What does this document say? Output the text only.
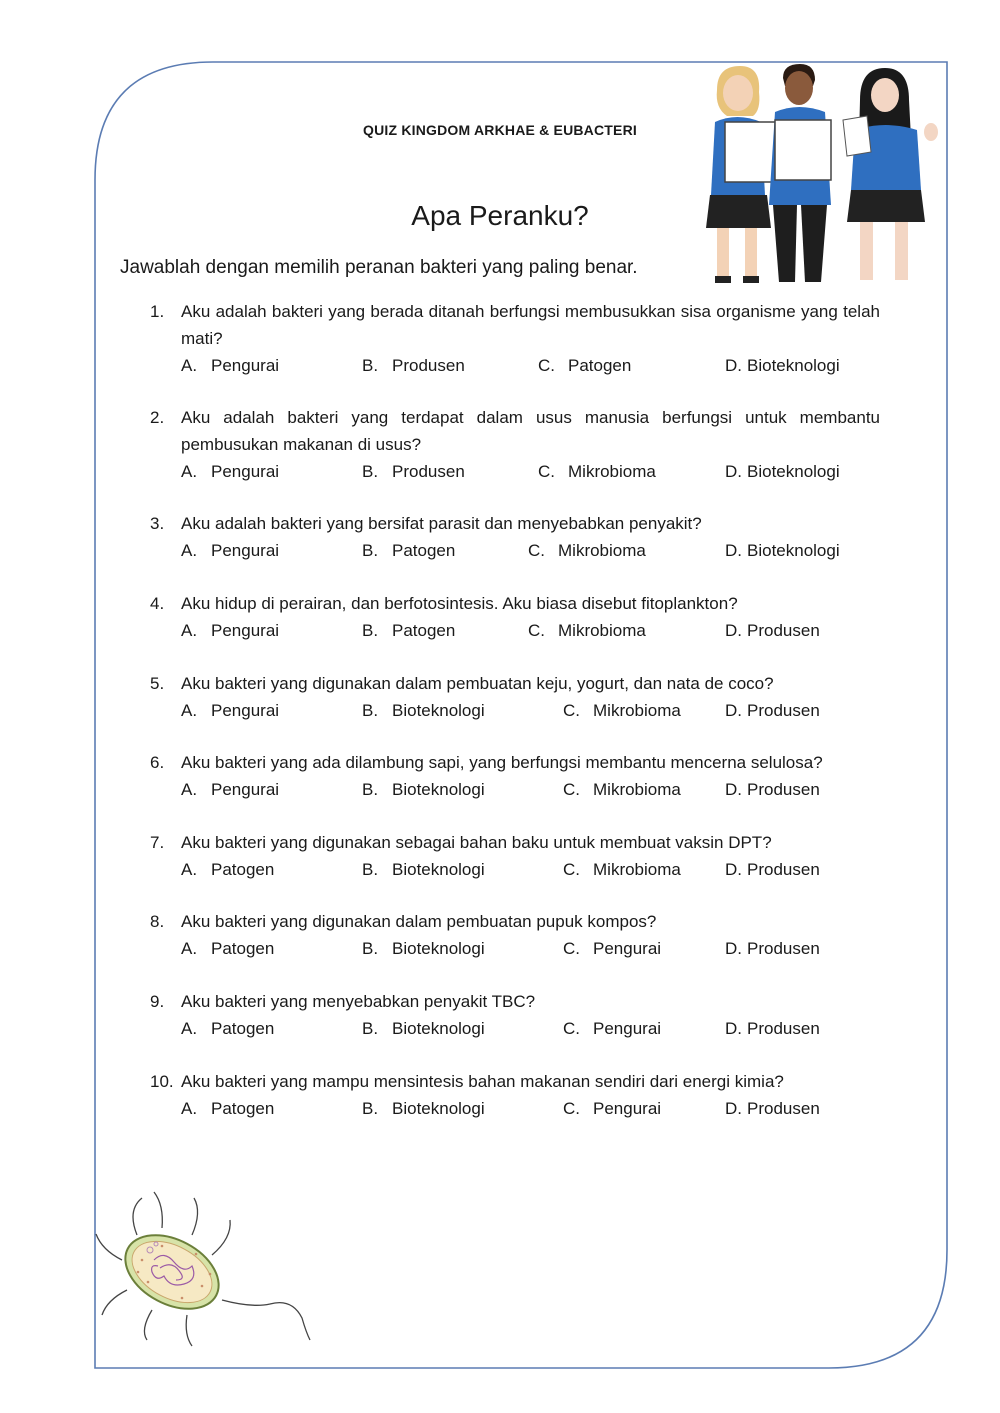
QUIZ KINGDOM ARKHAE & EUBACTERI
Apa Peranku?
Jawablah dengan memilih peranan bakteri yang paling benar.
1. Aku adalah bakteri yang berada ditanah berfungsi membusukkan sisa organisme yang telah mati?
A. Pengurai	B. Produsen	C. Patogen	D. Bioteknologi
2. Aku adalah bakteri yang terdapat dalam usus manusia berfungsi untuk membantu pembusukan makanan di usus?
A. Pengurai	B. Produsen	C. Mikrobioma	D. Bioteknologi
3. Aku adalah bakteri yang bersifat parasit dan menyebabkan penyakit?
A. Pengurai	B. Patogen	C. Mikrobioma	D. Bioteknologi
4. Aku hidup di perairan, dan berfotosintesis. Aku biasa disebut fitoplankton?
A. Pengurai	B. Patogen	C. Mikrobioma	D. Produsen
5. Aku bakteri yang digunakan dalam pembuatan keju, yogurt, dan nata de coco?
A. Pengurai	B. Bioteknologi	C. Mikrobioma	D. Produsen
6. Aku bakteri yang ada dilambung sapi, yang berfungsi membantu mencerna selulosa?
A. Pengurai	B. Bioteknologi	C. Mikrobioma	D. Produsen
7. Aku bakteri yang digunakan sebagai bahan baku untuk membuat vaksin DPT?
A. Patogen	B. Bioteknologi	C. Mikrobioma	D. Produsen
8. Aku bakteri yang digunakan dalam pembuatan pupuk kompos?
A. Patogen	B. Bioteknologi	C. Pengurai	D. Produsen
9. Aku bakteri yang menyebabkan penyakit TBC?
A. Patogen	B. Bioteknologi	C. Pengurai	D. Produsen
10. Aku bakteri yang mampu mensintesis bahan makanan sendiri dari energi kimia?
A. Patogen	B. Bioteknologi	C. Pengurai	D. Produsen
